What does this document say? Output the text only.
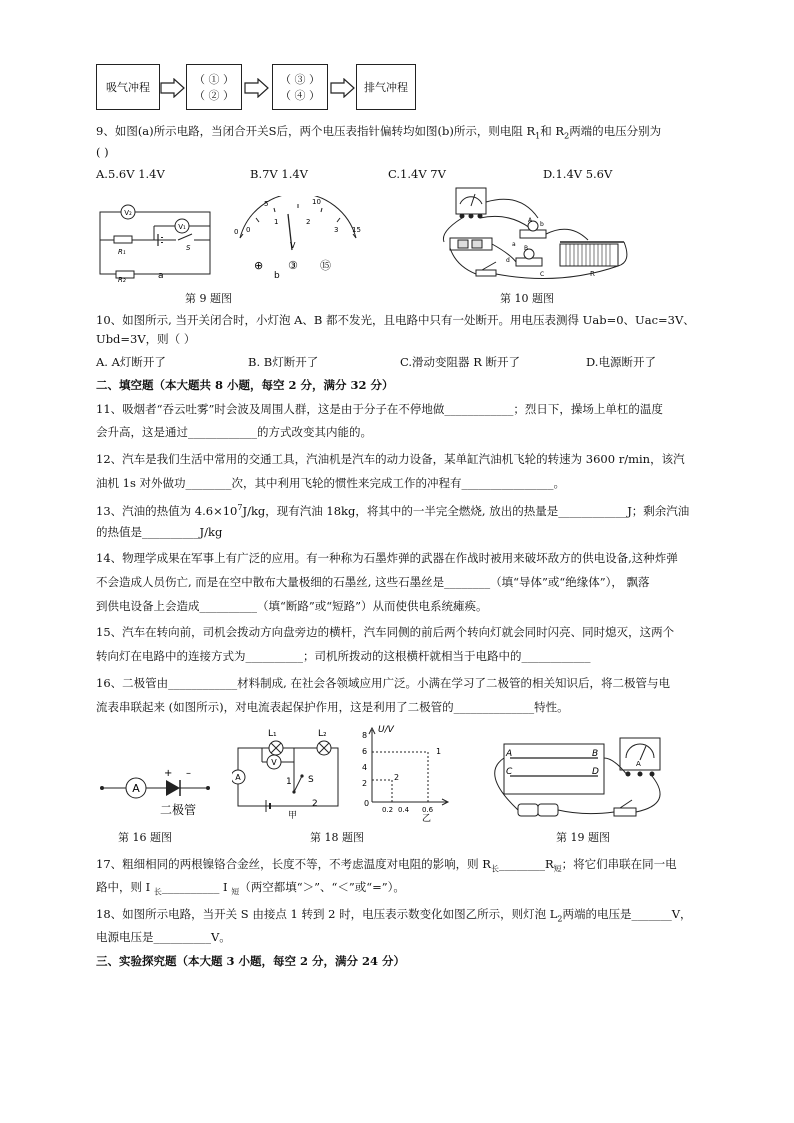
吸气冲程
（ ① ）
（ ② ）
（ ③ ）
（ ④ ）
排气冲程
9、如图(a)所示电路，当闭合开关S后，两个电压表指针偏转均如图(b)所示，则电阻 $R_1$和 $R_2$两端的电压分别为
( )
A.5.6V 1.4V	B.7V 1.4V	C.1.4V 7V	D.1.4V 5.6V
V₂
V₁
S
R₁
R₂	a
0
5	10
15
0
1	2
3
V
⊕ ③ ⑮
b
第 9 题图
A
b
a
B
d
C	R
第 10 题图
10、如图所示, 当开关闭合时，小灯泡 A、B 都不发光，且电路中只有一处断开。用电压表测得 Uab=0、Uac=3V、
Ubd=3V，则（ ）
A. A灯断开了	B. B灯断开了	C.滑动变阻器 R 断开了	D.电源断开了
二、填空题（本大题共 8 小题，每空 2 分，满分 32 分）
11、吸烟者“吞云吐雾”时会波及周围人群，这是由于分子在不停地做____________；烈日下，操场上单杠的温度
会升高，这是通过____________的方式改变其内能的。
12、汽车是我们生活中常用的交通工具，汽油机是汽车的动力设备，某单缸汽油机飞轮的转速为 3600 r/min，该汽
油机 1s 对外做功________次，其中利用飞轮的惯性来完成工作的冲程有________________。
13、汽油的热值为 $4.6\times 10^7J/kg$，现有汽油 18kg，将其中的一半完全燃烧, 放出的热量是____________J；剩余汽油
的热值是__________J/kg
14、物理学成果在军事上有广泛的应用。有一种称为石墨炸弹的武器在作战时被用来破坏敌方的供电设备,这种炸弹
不会造成人员伤亡, 而是在空中散布大量极细的石墨丝, 这些石墨丝是________（填“导体”或“绝缘体”）， 飘落
到供电设备上会造成__________（填“断路”或“短路”）从而使供电系统瘫痪。
15、汽车在转向前，司机会拨动方向盘旁边的横杆，汽车同侧的前后两个转向灯就会同时闪亮、同时熄灭，这两个
转向灯在电路中的连接方式为__________；司机所拨动的这根横杆就相当于电路中的____________
16、二极管由____________材料制成, 在社会各领域应用广泛。小满在学习了二极管的相关知识后，将二极管与电
流表串联起来 (如图所示)，对电流表起保护作用，这是利用了二极管的______________特性。
A
+ –
二极管
第 16 题图
L₁	L₂
V
A	S
1
2
甲
U/V
8
6
4
2
0
1
2
0.2 0.4 0.6
乙
第 18 题图
A	B
C	D
A
第 19 题图
17、粗细相同的两根镍铬合金丝，长度不等，不考虑温度对电阻的影响，则 $R_长\_\_\_\_\_\_\_\_R_短$；将它们串联在同一电
路中，则 I $_长$__________ I $_短$（两空都填“＞”、“＜”或“=”）。
18、如图所示电路，当开关 S 由接点 1 转到 2 时，电压表示数变化如图乙所示，则灯泡 $L_2$两端的电压是_______V，
电源电压是__________V。
三、实验探究题（本大题 3 小题，每空 2 分，满分 24 分）
